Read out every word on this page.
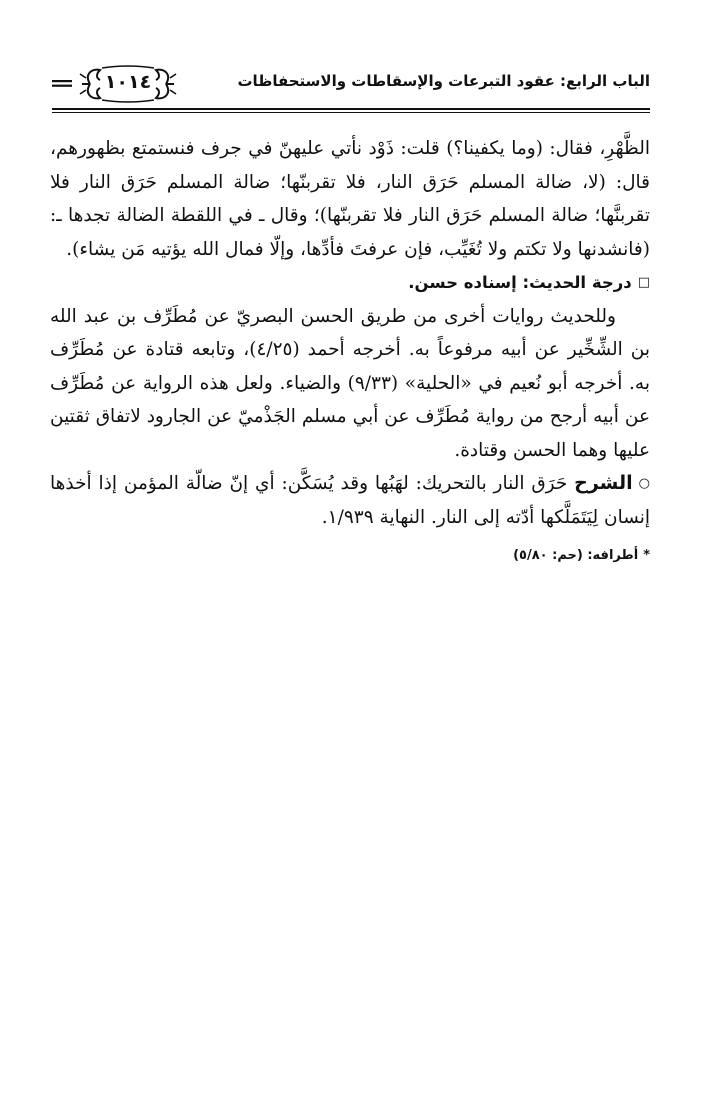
الباب الرابع: عقود التبرعات والإسقاطات والاستحفاظات
١٠١٤

الظَّهْرِ، فقال: (وما يكفينا؟) قلت: ذَوْد نأتي عليهنّ في جرف فنستمتع بظهورهم، قال: (لا، ضالة المسلم حَرَق النار، فلا تقربنّها؛ ضالة المسلم حَرَق النار فلا تقربنَّها؛ ضالة المسلم حَرَق النار فلا تقربنّها)؛ وقال ـ في اللقطة الضالة تجدها ـ: (فانشدنها ولا تكتم ولا تُغَيِّب، فإن عرفتَ فأدِّها، وإلّا فمال الله يؤتيه مَن يشاء).

□درجة الحديث: إسناده حسن.

وللحديث روايات أخرى من طريق الحسن البصريّ عن مُطَرِّف بن عبد الله بن الشِّخِّير عن أبيه مرفوعاً به. أخرجه أحمد (٤/٢٥)، وتابعه قتادة عن مُطَرِّف به. أخرجه أبو نُعيم في «الحلية» (٩/٣٣) والضياء. ولعل هذه الرواية عن مُطَرِّف عن أبيه أرجح من رواية مُطَرِّف عن أبي مسلم الجَذْميّ عن الجارود لاتفاق ثقتين عليها وهما الحسن وقتادة.

○الشرح حَرَق النار بالتحريك: لهَبُها وقد يُسَكَّن: أي إنّ ضالّة المؤمن إذا أخذها إنسان لِيَتَمَلَّكها أدّته إلى النار. النهاية ١/٩٣٩.

*أطرافه: (حم: ٥/٨٠)
